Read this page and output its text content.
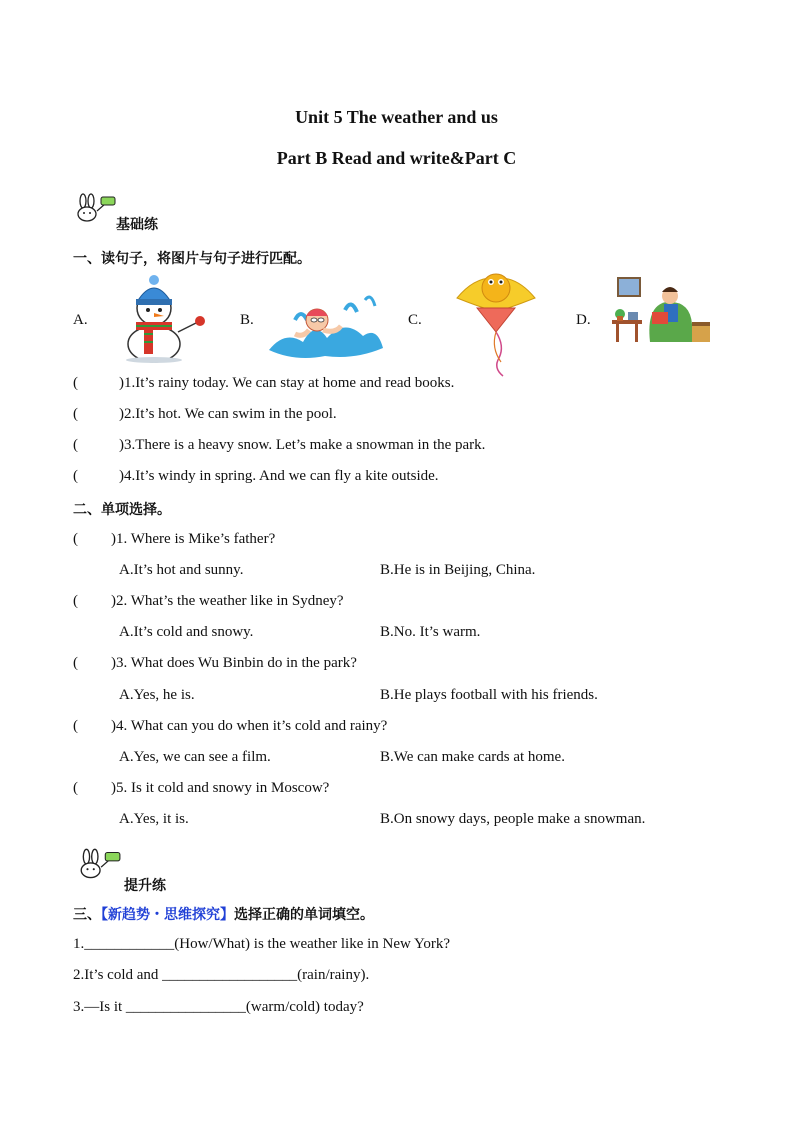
Unit 5 The weather and us
Part B Read and write&Part C
基础练
一、读句子，将图片与句子进行匹配。
A.	B.	C.	D.
(	)1.It’s rainy today. We can stay at home and read books.
(	)2.It’s hot. We can swim in the pool.
(	)3.There is a heavy snow. Let’s make a snowman in the park.
(	)4.It’s windy in spring. And we can fly a kite outside.
二、单项选择。
( )1. Where is Mike’s father?
A.It’s hot and sunny.	B.He is in Beijing, China.
( )2. What’s the weather like in Sydney?
A.It’s cold and snowy.	B.No. It’s warm.
( )3. What does Wu Binbin do in the park?
A.Yes, he is.	B.He plays football with his friends.
( )4. What can you do when it’s cold and rainy?
A.Yes, we can see a film.	B.We can make cards at home.
( )5. Is it cold and snowy in Moscow?
A.Yes, it is.	B.On snowy days, people make a snowman.
提升练
三、【新趋势・思维探究】选择正确的单词填空。
1.____________(How/What) is the weather like in New York?
2.It’s cold and __________________(rain/rainy).
3.—Is it ________________(warm/cold) today?
